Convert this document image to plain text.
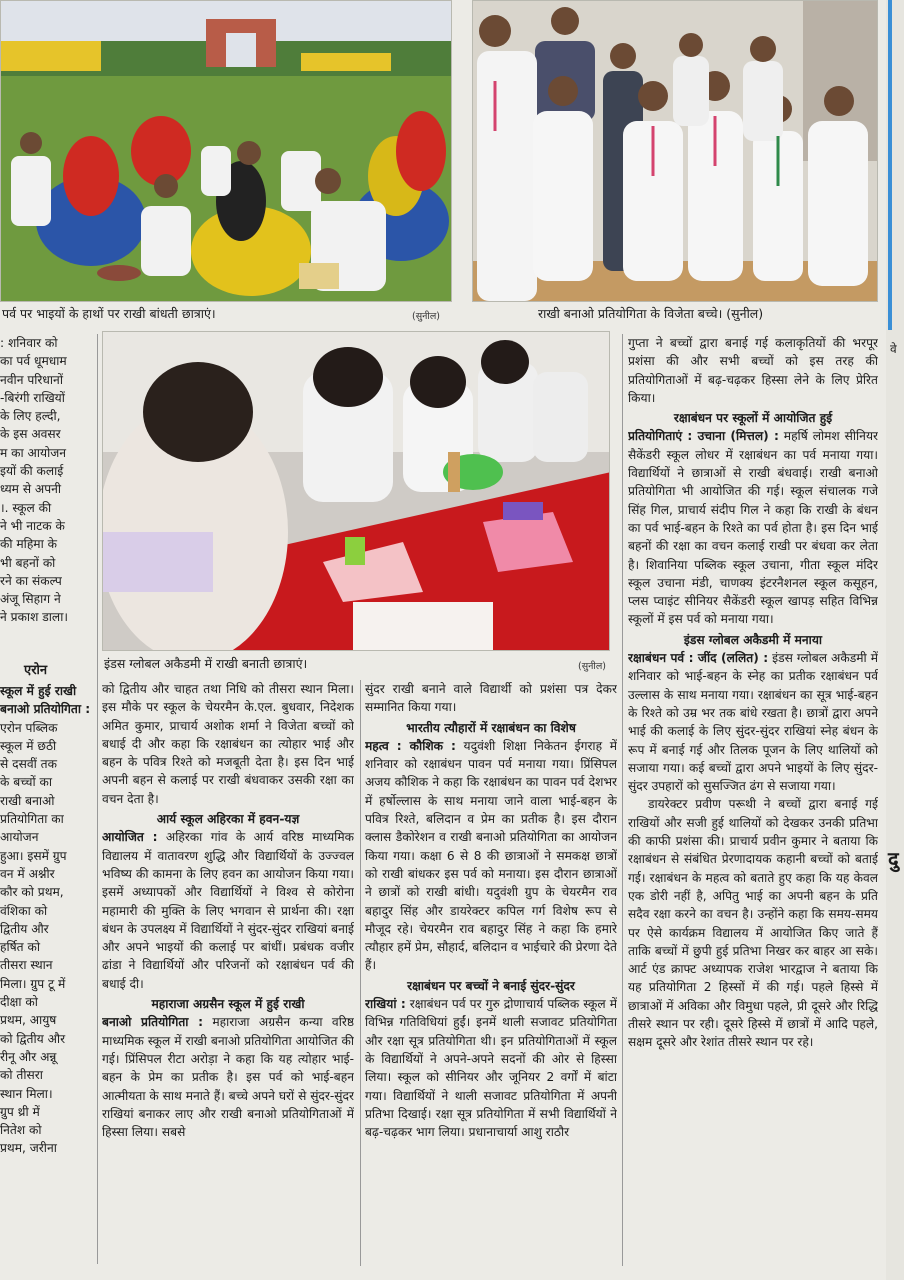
पर्व पर भाइयों के हाथों पर राखी बांधती छात्राएं।	(सुनील)	राखी बनाओ प्रतियोगिता के विजेता बच्चे। (सुनील)
इंडस ग्लोबल अकैडमी में राखी बनाती छात्राएं।	(सुनील)
: शनिवार को
का पर्व धूमधाम
नवीन परिधानों
-बिरंगी राखियों
के लिए हल्दी,
के इस अवसर
म का आयोजन
इयों की कलाई
ध्यम से अपनी
।. स्कूल की
ने भी नाटक के
की महिमा के
भी बहनों को
रने का संकल्प
अंजू सिहाग ने
ने प्रकाश डाला।
एरोन
स्कूल में हुई राखी बनाओ प्रतियोगिता :
एरोन पब्लिक
स्कूल में छठी
से दसवीं तक
के बच्चों का
राखी बनाओ
प्रतियोगिता का
आयोजन
हुआ। इसमें ग्रुप
वन में अश्नीर
कौर को प्रथम,
वंशिका को
द्वितीय और
हर्षित को
तीसरा स्थान
मिला। ग्रुप टू में
दीक्षा को
प्रथम, आयुष
को द्वितीय और
रीनू और अन्नू
को तीसरा
स्थान मिला।
ग्रुप थ्री में
नितेश को
प्रथम, जरीना

को द्वितीय और चाहत तथा निधि को तीसरा स्थान मिला। इस मौके पर स्कूल के चेयरमैन के.एल. बुधवार, निदेशक अमित कुमार, प्राचार्य अशोक शर्मा ने विजेता बच्चों को बधाई दी और कहा कि रक्षाबंधन का त्योहार भाई और बहन के पवित्र रिश्ते को मजबूती देता है। इस दिन भाई अपनी बहन से कलाई पर राखी बंधवाकर उसकी रक्षा का वचन देता है।

आर्य स्कूल अहिरका में हवन-यज्ञ

आयोजित : अहिरका गांव के आर्य वरिष्ठ माध्यमिक विद्यालय में वातावरण शुद्धि और विद्यार्थियों के उज्ज्वल भविष्य की कामना के लिए हवन का आयोजन किया गया। इसमें अध्यापकों और विद्यार्थियों ने विश्व से कोरोना महामारी की मुक्ति के लिए भगवान से प्रार्थना की। रक्षा बंधन के उपलक्ष्य में विद्यार्थियों ने सुंदर-सुंदर राखियां बनाई और अपने भाइयों की कलाई पर बांधीं। प्रबंधक वजीर ढांडा ने विद्यार्थियों और परिजनों को रक्षाबंधन पर्व की बधाई दी।

महाराजा अग्रसैन स्कूल में हुई राखी

बनाओ प्रतियोगिता : महाराजा अग्रसैन कन्या वरिष्ठ माध्यमिक स्कूल में राखी बनाओ प्रतियोगिता आयोजित की गई। प्रिंसिपल रीटा अरोड़ा ने कहा कि यह त्योहार भाई-बहन के प्रेम का प्रतीक है। इस पर्व को भाई-बहन आत्मीयता के साथ मनाते हैं। बच्चे अपने घरों से सुंदर-सुंदर राखियां बनाकर लाए और राखी बनाओ प्रतियोगिताओं में हिस्सा लिया। सबसे

सुंदर राखी बनाने वाले विद्यार्थी को प्रशंसा पत्र देकर सम्मानित किया गया।

भारतीय त्यौहारों में रक्षाबंधन का विशेष

महत्व : कौशिक : यदुवंशी शिक्षा निकेतन ईगराह में शनिवार को रक्षाबंधन पावन पर्व मनाया गया। प्रिंसिपल अजय कौशिक ने कहा कि रक्षाबंधन का पावन पर्व देशभर में हर्षोल्लास के साथ मनाया जाने वाला भाई-बहन के पवित्र रिश्ते, बलिदान व प्रेम का प्रतीक है। इस दौरान क्लास डैकोरेशन व राखी बनाओ प्रतियोगिता का आयोजन किया गया। कक्षा 6 से 8 की छात्राओं ने समकक्ष छात्रों को राखी बांधकर इस पर्व को मनाया। इस दौरान छात्राओं ने छात्रों को राखी बांधी। यदुवंशी ग्रुप के चेयरमैन राव बहादुर सिंह और डायरेक्टर कपिल गर्ग विशेष रूप से मौजूद रहे। चेयरमैन राव बहादुर सिंह ने कहा कि हमारे त्यौहार हमें प्रेम, सौहार्द, बलिदान व भाईचारे की प्रेरणा देते हैं।

रक्षाबंधन पर बच्चों ने बनाई सुंदर-सुंदर

राखियां : रक्षाबंधन पर्व पर गुरु द्रोणाचार्य पब्लिक स्कूल में विभिन्न गतिविधियां हुईं। इनमें थाली सजावट प्रतियोगिता और रक्षा सूत्र प्रतियोगिता थी। इन प्रतियोगिताओं में स्कूल के विद्यार्थियों ने अपने-अपने सदनों की ओर से हिस्सा लिया। स्कूल को सीनियर और जूनियर 2 वर्गों में बांटा गया। विद्यार्थियों ने थाली सजावट प्रतियोगिता में अपनी प्रतिभा दिखाई। रक्षा सूत्र प्रतियोगिता में सभी विद्यार्थियों ने बढ़-चढ़कर भाग लिया। प्रधानाचार्या आशु राठौर

गुप्ता ने बच्चों द्वारा बनाई गई कलाकृतियों की भरपूर प्रशंसा की और सभी बच्चों को इस तरह की प्रतियोगिताओं में बढ़-चढ़कर हिस्सा लेने के लिए प्रेरित किया।

रक्षाबंधन पर स्कूलों में आयोजित हुई

प्रतियोगिताएं : उचाना (मित्तल) : महर्षि लोमश सीनियर सैकेंडरी स्कूल लोधर में रक्षाबंधन का पर्व मनाया गया। विद्यार्थियों ने छात्राओं से राखी बंधवाई। राखी बनाओ प्रतियोगिता भी आयोजित की गई। स्कूल संचालक गजे सिंह गिल, प्राचार्य संदीप गिल ने कहा कि राखी के बंधन का पर्व भाई-बहन के रिश्ते का पर्व होता है। इस दिन भाई बहनों की रक्षा का वचन कलाई राखी पर बंधवा कर लेता है। शिवानिया पब्लिक स्कूल उचाना, गीता स्कूल मंदिर स्कूल उचाना मंडी, चाणक्य इंटरनैशनल स्कूल कसूहन, प्लस प्वाइंट सीनियर सैकेंडरी स्कूल खापड़ सहित विभिन्न स्कूलों में इस पर्व को मनाया गया।

इंडस ग्लोबल अकैडमी में मनाया

रक्षाबंधन पर्व : जींद (ललित) : इंडस ग्लोबल अकैडमी में शनिवार को भाई-बहन के स्नेह का प्रतीक रक्षाबंधन पर्व उल्लास के साथ मनाया गया। रक्षाबंधन का सूत्र भाई-बहन के रिश्ते को उम्र भर तक बांधे रखता है। छात्रों द्वारा अपने भाई की कलाई के लिए सुंदर-सुंदर राखियां स्नेह बंधन के रूप में बनाई गई और तिलक पूजन के लिए थालियों को सजाया गया। कई बच्चों द्वारा अपने भाइयों के लिए सुंदर-सुंदर उपहारों को सुसज्जित ढंग से सजाया गया।

डायरेक्टर प्रवीण परूथी ने बच्चों द्वारा बनाई गई राखियों और सजी हुई थालियों को देखकर उनकी प्रतिभा की काफी प्रशंसा की। प्राचार्य प्रवीन कुमार ने बताया कि रक्षाबंधन से संबंधित प्रेरणादायक कहानी बच्चों को बताई गई। रक्षाबंधन के महत्व को बताते हुए कहा कि यह केवल एक डोरी नहीं है, अपितु भाई का अपनी बहन के प्रति सदैव रक्षा करने का वचन है। उन्होंने कहा कि समय-समय पर ऐसे कार्यक्रम विद्यालय में आयोजित किए जाते हैं ताकि बच्चों में छुपी हुई प्रतिभा निखर कर बाहर आ सके। आर्ट एंड क्राफ्ट अध्यापक राजेश भारद्वाज ने बताया कि यह प्रतियोगिता 2 हिस्सों में की गई। पहले हिस्से में छात्राओं में अविका और विमुधा पहले, प्री दूसरे और रिद्धि तीसरे स्थान पर रही। दूसरे हिस्से में छात्रों में आदि पहले, सक्षम दूसरे और रेशांत तीसरे स्थान पर रहे।

वे
दु
